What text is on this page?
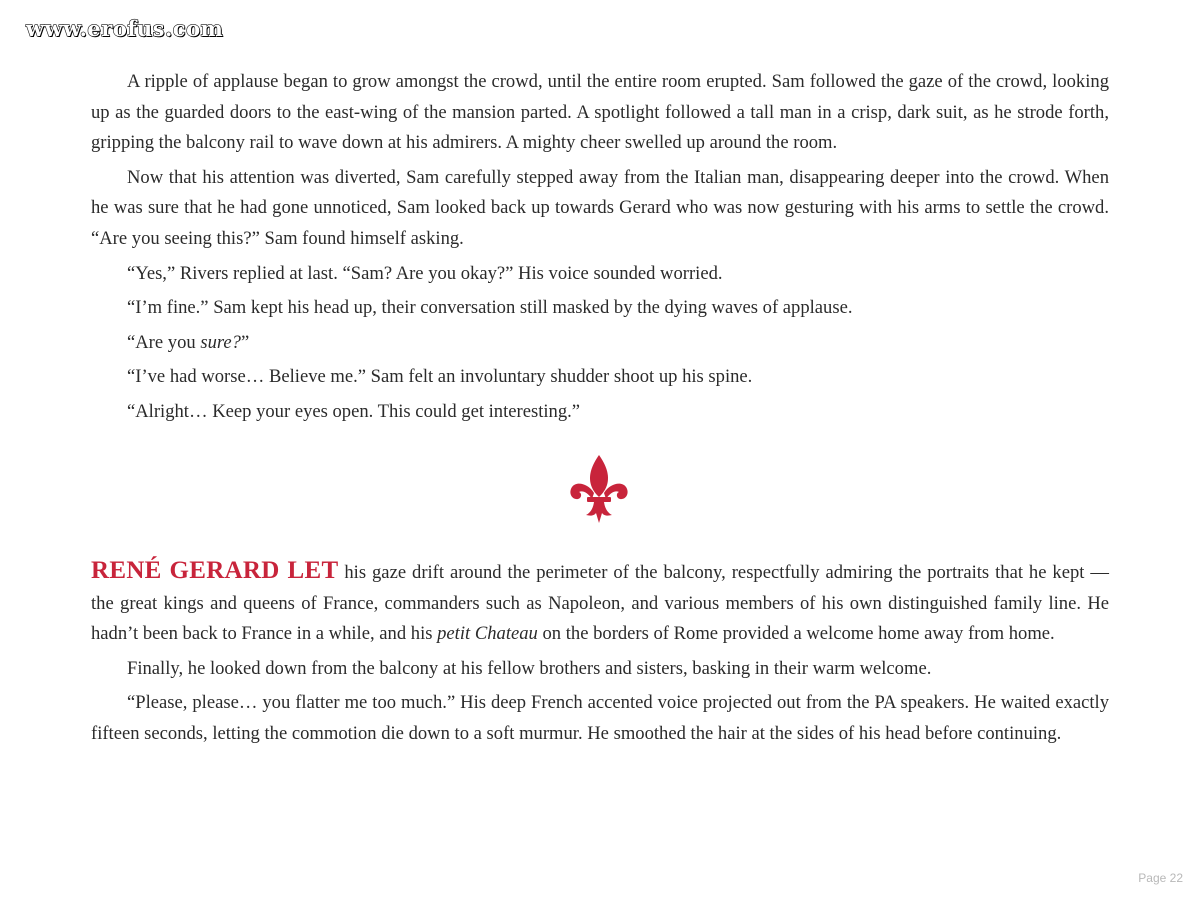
www.erofus.com

A ripple of applause began to grow amongst the crowd, until the entire room erupted. Sam followed the gaze of the crowd, looking up as the guarded doors to the east-wing of the mansion parted. A spotlight followed a tall man in a crisp, dark suit, as he strode forth, gripping the balcony rail to wave down at his admirers. A mighty cheer swelled up around the room.

Now that his attention was diverted, Sam carefully stepped away from the Italian man, disappearing deeper into the crowd. When he was sure that he had gone unnoticed, Sam looked back up towards Gerard who was now gesturing with his arms to settle the crowd. “Are you seeing this?” Sam found himself asking.

“Yes,” Rivers replied at last. “Sam? Are you okay?” His voice sounded worried.

“I’m fine.” Sam kept his head up, their conversation still masked by the dying waves of applause.

“Are you sure?”

“I’ve had worse… Believe me.” Sam felt an involuntary shudder shoot up his spine.

“Alright… Keep your eyes open. This could get interesting.”

RENÉ GERARD LET his gaze drift around the perimeter of the balcony, respectfully admiring the portraits that he kept — the great kings and queens of France, commanders such as Napoleon, and various members of his own distinguished family line. He hadn’t been back to France in a while, and his petit Chateau on the borders of Rome provided a welcome home away from home.

Finally, he looked down from the balcony at his fellow brothers and sisters, basking in their warm welcome.

“Please, please… you flatter me too much.” His deep French accented voice projected out from the PA speakers. He waited exactly fifteen seconds, letting the commotion die down to a soft murmur. He smoothed the hair at the sides of his head before continuing.

Page 22
